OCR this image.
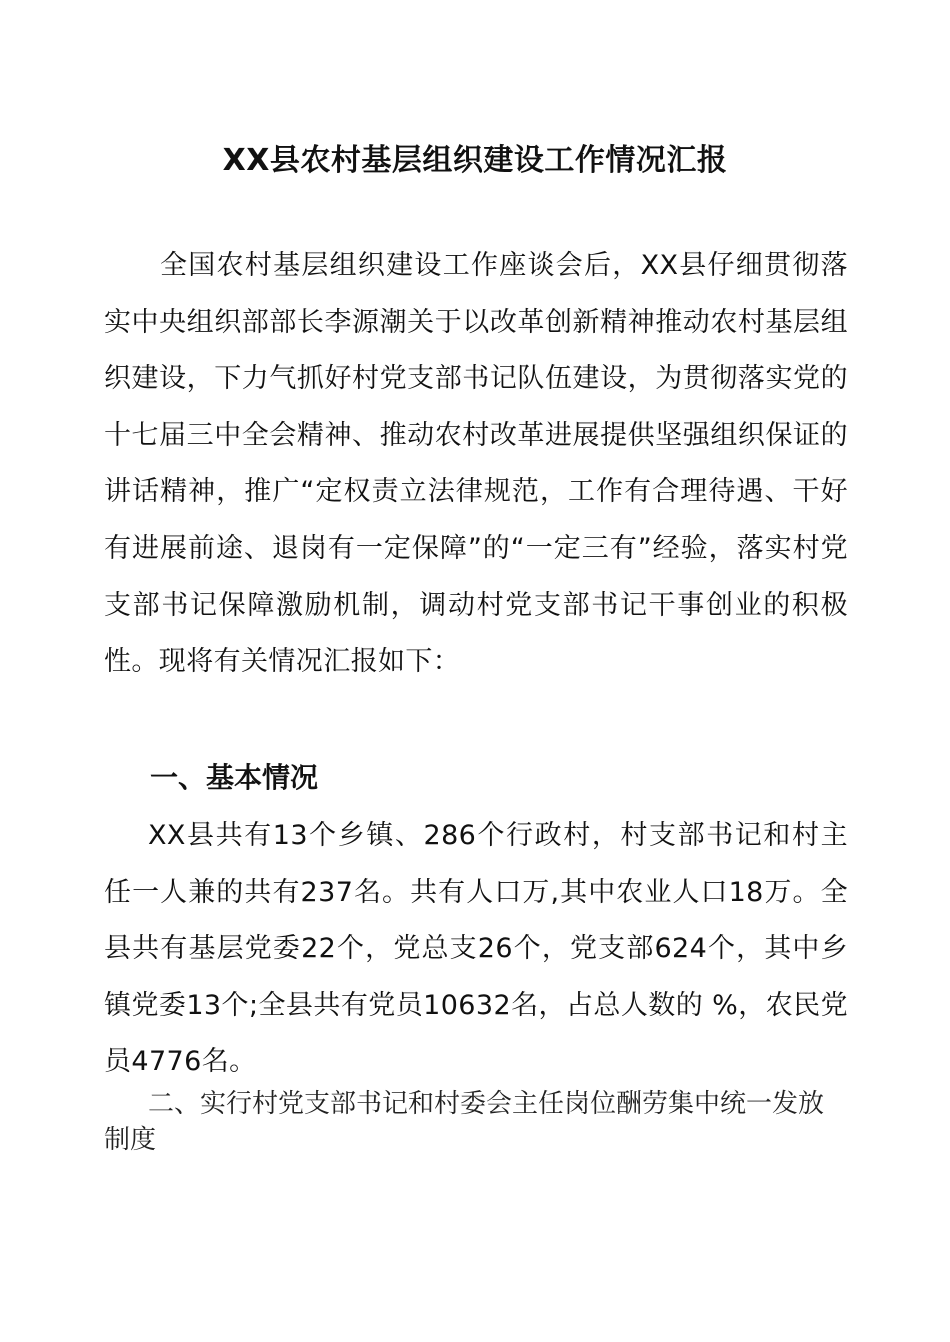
XX县农村基层组织建设工作情况汇报

全国农村基层组织建设工作座谈会后，XX县仔细贯彻落实中央组织部部长李源潮关于以改革创新精神推动农村基层组织建设，下力气抓好村党支部书记队伍建设，为贯彻落实党的十七届三中全会精神、推动农村改革进展提供坚强组织保证的讲话精神，推广“定权责立法律规范，工作有合理待遇、干好有进展前途、退岗有一定保障”的“一定三有”经验，落实村党支部书记保障激励机制，调动村党支部书记干事创业的积极性。现将有关情况汇报如下：

一、基本情况

XX县共有13个乡镇、286个行政村，村支部书记和村主任一人兼的共有237名。共有人口万,其中农业人口18万。全县共有基层党委22个，党总支26个，党支部624个，其中乡镇党委13个;全县共有党员10632名，占总人数的 %，农民党员4776名。

二、实行村党支部书记和村委会主任岗位酬劳集中统一发放制度
